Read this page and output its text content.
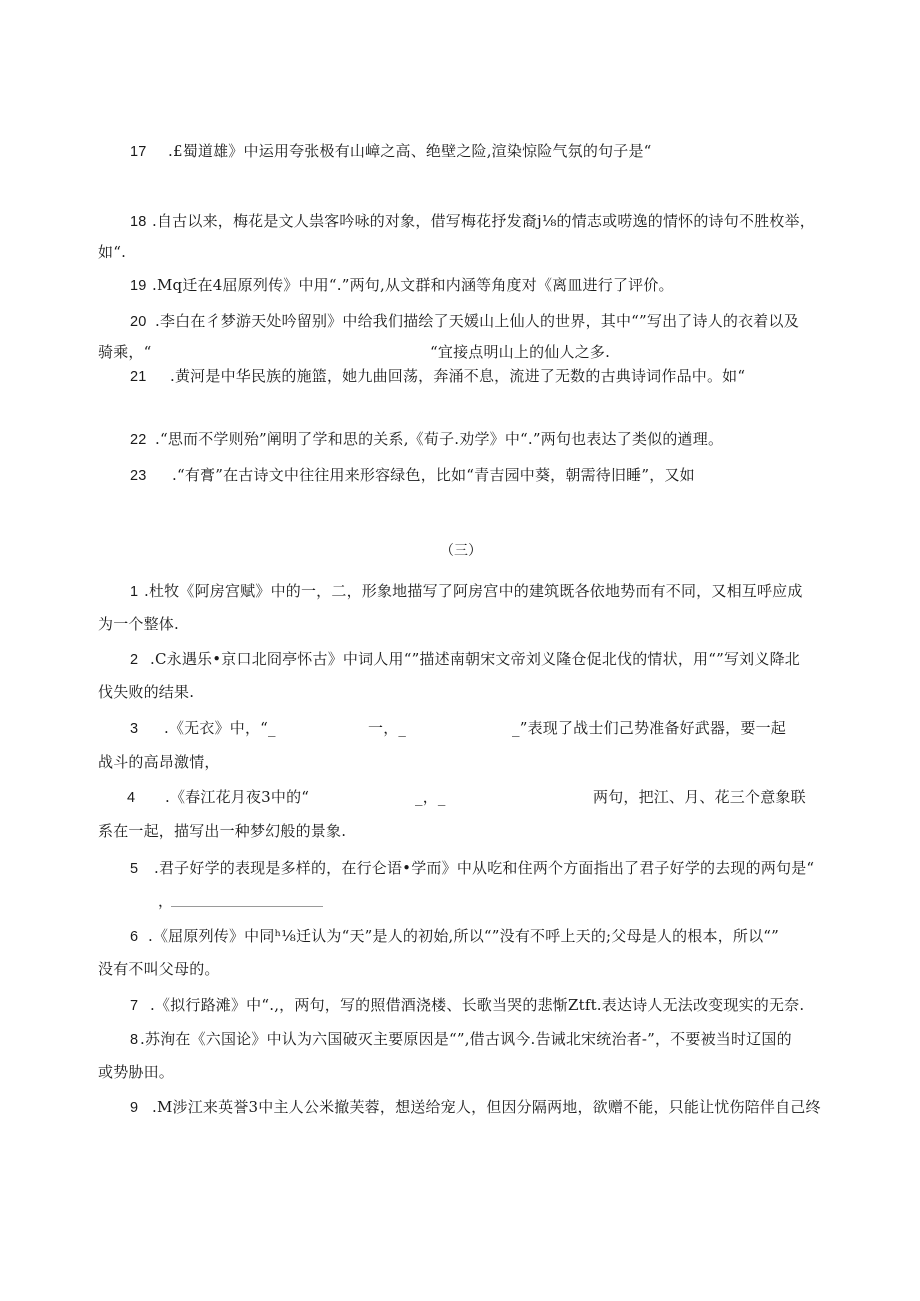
17 .£蜀道雄》中运用夸张极有山嶂之高、绝壁之险,渲染惊险气氛的句子是“
18 .自古以来，梅花是文人祟客吟咏的对象，借写梅花抒发裔j⅛的情志或唠逸的情怀的诗句不胜枚举，
如“.
19 .Mq迁在4屈原列传》中用“.”两句,从文群和内涵等角度对《离皿进行了评价。
20 .李白在彳梦游天处吟留别》中给我们描绘了天媛山上仙人的世界，其中“”写出了诗人的衣着以及
骑乘，“	“宜接点明山上的仙人之多.
21 .黄河是中华民族的施篮，她九曲回荡，奔涌不息，流进了无数的古典诗词作品中。如“
22 .“思而不学则殆”阐明了学和思的关系,《荀子.劝学》中“.”两句也表达了类似的遒理。
23 .“有膏”在古诗文中往往用来形容绿色，比如“青吉园中葵，朝需待旧睡”，又如
（三）
1 .杜牧《阿房宫赋》中的一，二，形象地描写了阿房宫中的建筑既各依地势而有不同，又相互呼应成
为一个整体.
2 .C永遇乐•京口北冏亭怀古》中词人用“”描述南朝宋文帝刘义隆仓促北伐的情状，用“”写刘义降北
伐失败的结果.
3 .《无衣》中，“_	一，_	_”表现了战士们己势准备好武器，要一起
战斗的高昂激情，
4 .《春江花月夜3中的“	_，_	两句，把江、月、花三个意象联
系在一起，描写出一种梦幻般的景象.
5 .君子好学的表现是多样的，在行仑语•学而》中从吃和住两个方面指出了君子好学的去现的两句是“
，
6 .《屈原列传》中同ʰ⅛迁认为“天”是人的初始,所以“”没有不呼上天的;父母是人的根本，所以“”
没有不叫父母的。
7 .《拟行路滩》中“.,，两句，写的照借酒浇楼、长歌当哭的悲惭Ztft.表达诗人无法改变现实的无奈.
8 .苏洵在《六国论》中认为六国破灭主要原因是“”,借古讽今.告诫北宋统治者-”，不要被当时辽国的
或势胁田。
9 .M涉江来英誉3中主人公米撤芙蓉，想送给宠人，但因分隔两地，欲赠不能，只能让忧伤陪伴自己终
